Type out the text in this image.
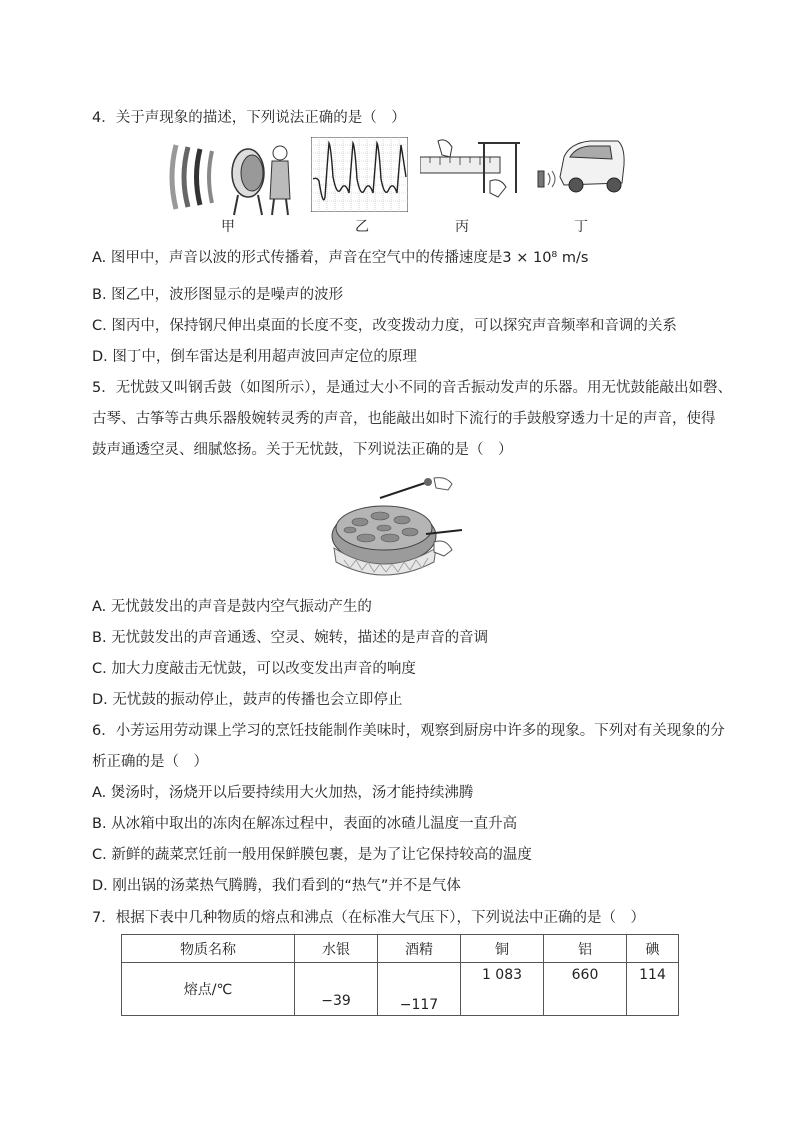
4．关于声现象的描述，下列说法正确的是（　）
甲	乙	丙	丁
A. 图甲中，声音以波的形式传播着，声音在空气中的传播速度是3 × 10⁸ m/s
B. 图乙中，波形图显示的是噪声的波形
C. 图丙中，保持钢尺伸出桌面的长度不变，改变拨动力度，可以探究声音频率和音调的关系
D. 图丁中，倒车雷达是利用超声波回声定位的原理
5．无忧鼓又叫钢舌鼓（如图所示），是通过大小不同的音舌振动发声的乐器。用无忧鼓能敲出如磬、
古琴、古筝等古典乐器般婉转灵秀的声音，也能敲出如时下流行的手鼓般穿透力十足的声音，使得
鼓声通透空灵、细腻悠扬。关于无忧鼓，下列说法正确的是（　）
A. 无忧鼓发出的声音是鼓内空气振动产生的
B. 无忧鼓发出的声音通透、空灵、婉转，描述的是声音的音调
C. 加大力度敲击无忧鼓，可以改变发出声音的响度
D. 无忧鼓的振动停止，鼓声的传播也会立即停止
6．小芳运用劳动课上学习的烹饪技能制作美味时，观察到厨房中许多的现象。下列对有关现象的分
析正确的是（　）
A. 煲汤时，汤烧开以后要持续用大火加热，汤才能持续沸腾
B. 从冰箱中取出的冻肉在解冻过程中，表面的冰碴儿温度一直升高
C. 新鲜的蔬菜烹饪前一般用保鲜膜包裹，是为了让它保持较高的温度
D. 刚出锅的汤菜热气腾腾，我们看到的“热气”并不是气体
7．根据下表中几种物质的熔点和沸点（在标准大气压下），下列说法中正确的是（　）
物质名称	水银	酒精	铜	铝	碘
熔点/℃	−39	−117	1 083	660	114
